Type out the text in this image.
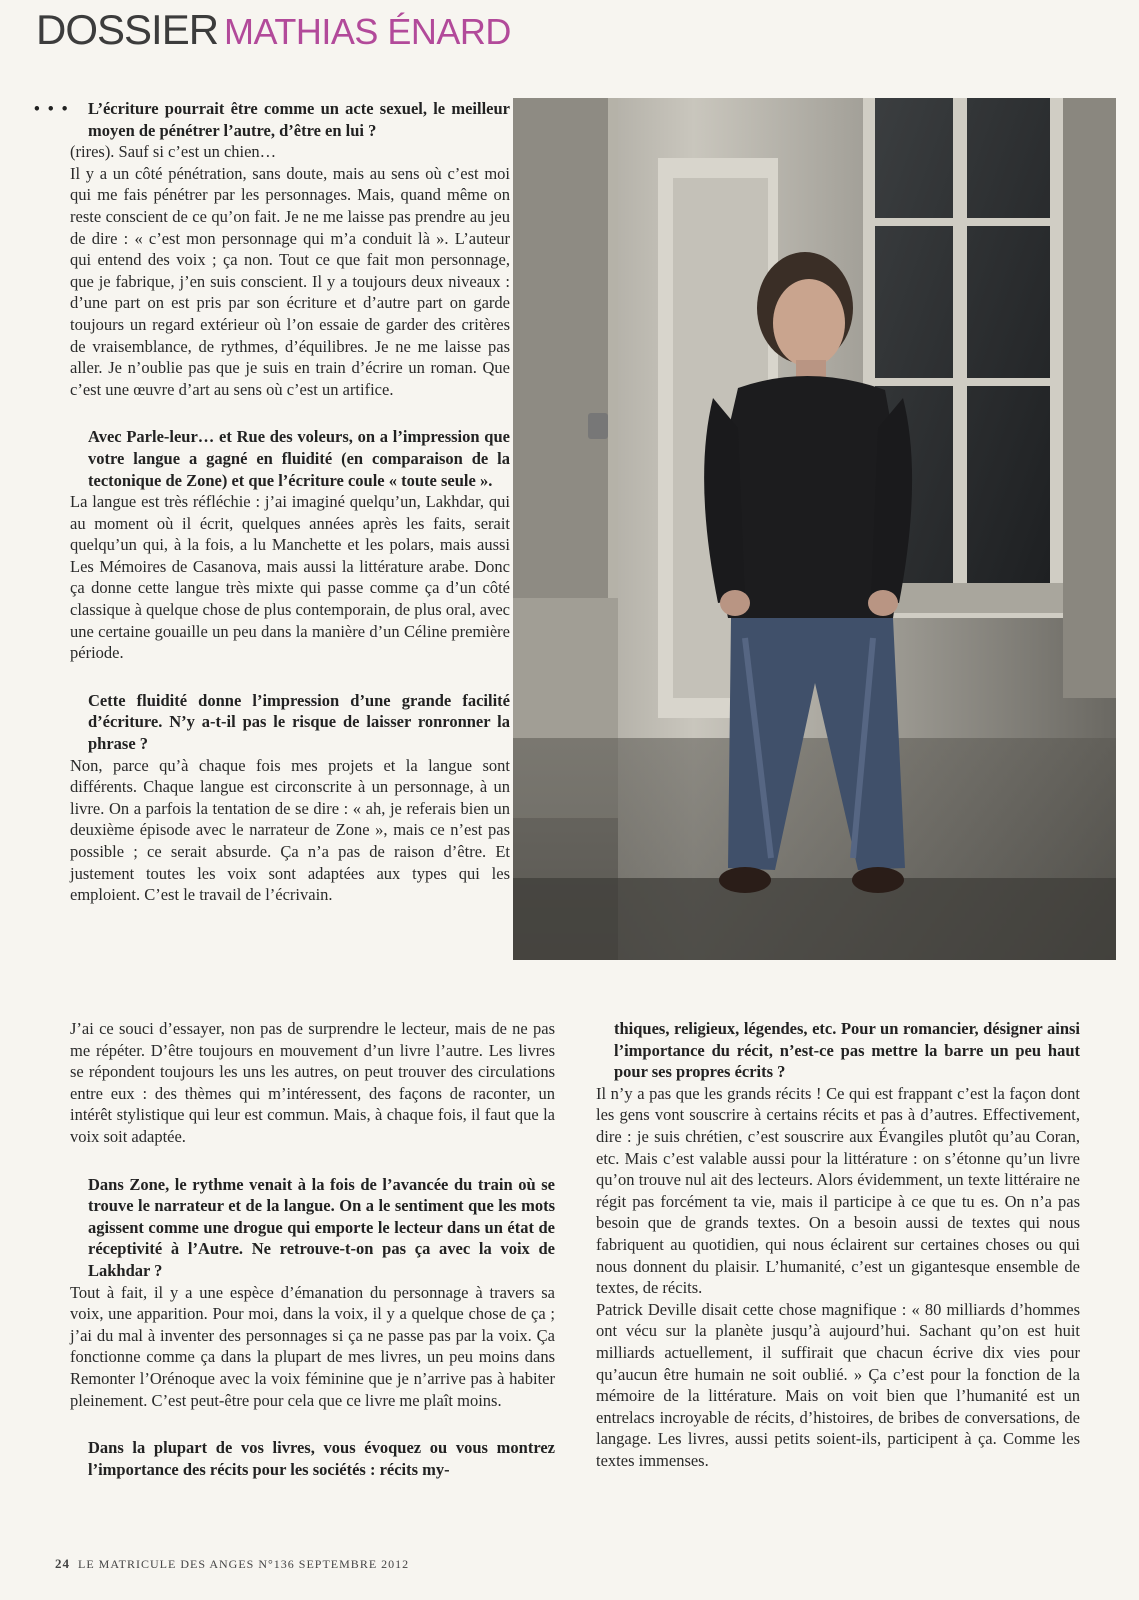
DOSSIER MATHIAS ÉNARD

• • • L’écriture pourrait être comme un acte sexuel, le meilleur moyen de pénétrer l’autre, d’être en lui ?

(rires). Sauf si c’est un chien…

Il y a un côté pénétration, sans doute, mais au sens où c’est moi qui me fais pénétrer par les personnages. Mais, quand même on reste conscient de ce qu’on fait. Je ne me laisse pas prendre au jeu de dire : « c’est mon personnage qui m’a conduit là ». L’auteur qui entend des voix ; ça non. Tout ce que fait mon personnage, que je fabrique, j’en suis conscient. Il y a toujours deux niveaux : d’une part on est pris par son écriture et d’autre part on garde toujours un regard extérieur où l’on essaie de garder des critères de vraisemblance, de rythmes, d’équilibres. Je ne me laisse pas aller. Je n’oublie pas que je suis en train d’écrire un roman. Que c’est une œuvre d’art au sens où c’est un artifice.

Avec Parle-leur… et Rue des voleurs, on a l’impression que votre langue a gagné en fluidité (en comparaison de la tectonique de Zone) et que l’écriture coule « toute seule ».

La langue est très réfléchie : j’ai imaginé quelqu’un, Lakhdar, qui au moment où il écrit, quelques années après les faits, serait quelqu’un qui, à la fois, a lu Manchette et les polars, mais aussi Les Mémoires de Casanova, mais aussi la littérature arabe. Donc ça donne cette langue très mixte qui passe comme ça d’un côté classique à quelque chose de plus contemporain, de plus oral, avec une certaine gouaille un peu dans la manière d’un Céline première période.

Cette fluidité donne l’impression d’une grande facilité d’écriture. N’y a-t-il pas le risque de laisser ronronner la phrase ?

Non, parce qu’à chaque fois mes projets et la langue sont différents. Chaque langue est circonscrite à un personnage, à un livre. On a parfois la tentation de se dire : « ah, je referais bien un deuxième épisode avec le narrateur de Zone », mais ce n’est pas possible ; ce serait absurde. Ça n’a pas de raison d’être. Et justement toutes les voix sont adaptées aux types qui les emploient. C’est le travail de l’écrivain.

J’ai ce souci d’essayer, non pas de surprendre le lecteur, mais de ne pas me répéter. D’être toujours en mouvement d’un livre l’autre. Les livres se répondent toujours les uns les autres, on peut trouver des circulations entre eux : des thèmes qui m’intéressent, des façons de raconter, un intérêt stylistique qui leur est commun. Mais, à chaque fois, il faut que la voix soit adaptée.

Dans Zone, le rythme venait à la fois de l’avancée du train où se trouve le narrateur et de la langue. On a le sentiment que les mots agissent comme une drogue qui emporte le lecteur dans un état de réceptivité à l’Autre. Ne retrouve-t-on pas ça avec la voix de Lakhdar ?

Tout à fait, il y a une espèce d’émanation du personnage à travers sa voix, une apparition. Pour moi, dans la voix, il y a quelque chose de ça ; j’ai du mal à inventer des personnages si ça ne passe pas par la voix. Ça fonctionne comme ça dans la plupart de mes livres, un peu moins dans Remonter l’Orénoque avec la voix féminine que je n’arrive pas à habiter pleinement. C’est peut-être pour cela que ce livre me plaît moins.

Dans la plupart de vos livres, vous évoquez ou vous montrez l’importance des récits pour les sociétés : récits my-

thiques, religieux, légendes, etc. Pour un romancier, désigner ainsi l’importance du récit, n’est-ce pas mettre la barre un peu haut pour ses propres écrits ?

Il n’y a pas que les grands récits ! Ce qui est frappant c’est la façon dont les gens vont souscrire à certains récits et pas à d’autres. Effectivement, dire : je suis chrétien, c’est souscrire aux Évangiles plutôt qu’au Coran, etc. Mais c’est valable aussi pour la littérature : on s’étonne qu’un livre qu’on trouve nul ait des lecteurs. Alors évidemment, un texte littéraire ne régit pas forcément ta vie, mais il participe à ce que tu es. On n’a pas besoin que de grands textes. On a besoin aussi de textes qui nous fabriquent au quotidien, qui nous éclairent sur certaines choses ou qui nous donnent du plaisir. L’humanité, c’est un gigantesque ensemble de textes, de récits.

Patrick Deville disait cette chose magnifique : « 80 milliards d’hommes ont vécu sur la planète jusqu’à aujourd’hui. Sachant qu’on est huit milliards actuellement, il suffirait que chacun écrive dix vies pour qu’aucun être humain ne soit oublié. » Ça c’est pour la fonction de la mémoire de la littérature. Mais on voit bien que l’humanité est un entrelacs incroyable de récits, d’histoires, de bribes de conversations, de langage. Les livres, aussi petits soient-ils, participent à ça. Comme les textes immenses.

24 LE MATRICULE DES ANGES N°136 SEPTEMBRE 2012
